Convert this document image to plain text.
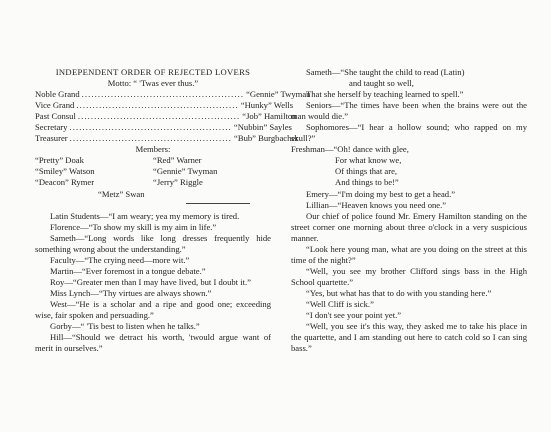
INDEPENDENT ORDER OF REJECTED LOVERS
Motto: “ 'Twas ever thus.”
Noble Grand .................................................. “Gennie” Twyman
Vice Grand .................................................. “Hunky” Wells
Past Consul .................................................. “Job” Hamilton
Secretary .................................................. “Nubbin” Sayles
Treasurer .................................................. “Bub” Burgbacher
Members:
“Pretty” Doak	“Red” Warner
“Smiley” Watson	“Gennie” Twyman
“Deacon” Rymer	“Jerry” Riggle
“Metz” Swan

Latin Students—“I am weary; yea my memory is tired.

Florence—“To show my skill is my aim in life.”

Sameth—“Long words like long dresses frequently hide something wrong about the understanding.”

Faculty—“The crying need—more wit.”

Martin—“Ever foremost in a tongue debate.”

Roy—“Greater men than I may have lived, but I doubt it.”

Miss Lynch—“Thy virtues are always shown.”

West—“He is a scholar and a ripe and good one; exceeding wise, fair spoken and persuading.”

Gorby—“ 'Tis best to listen when he talks.”

Hill—“Should we detract his worth, 'twould argue want of merit in ourselves.”

Sameth—“She taught the child to read (Latin)

and taught so well,

That she herself by teaching learned to spell.”

Seniors—“The times have been when the brains were out the man would die.”

Sophomores—“I hear a hollow sound; who rapped on my skull?”

Freshman—“Oh! dance with glee,

For what know we,

Of things that are,

And things to be!”

Emery—“I'm doing my best to get a head.”

Lillian—“Heaven knows you need one.”

Our chief of police found Mr. Emery Hamilton standing on the street corner one morning about three o'clock in a very suspicious manner.

“Look here young man, what are you doing on the street at this time of the night?”

“Well, you see my brother Clifford sings bass in the High School quartette.”

“Yes, but what has that to do with you standing here.”

“Well Cliff is sick.”

“I don't see your point yet.”

“Well, you see it's this way, they asked me to take his place in the quartette, and I am standing out here to catch cold so I can sing bass.”
